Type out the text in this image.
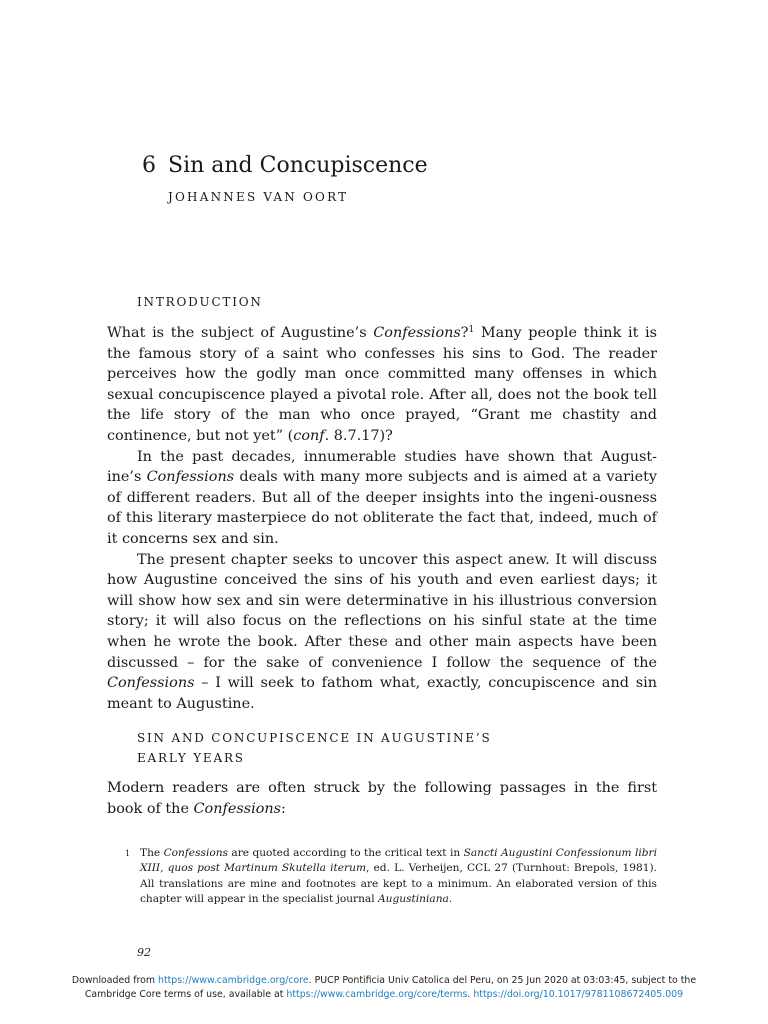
6 Sin and Concupiscence
JOHANNES VAN OORT
INTRODUCTION

What is the subject of Augustine’s Confessions?$^1$ Many people think it is the famous story of a saint who confesses his sins to God. The reader perceives how the godly man once committed many offenses in which sexual concupiscence played a pivotal role. After all, does not the book tell the life story of the man who once prayed, “Grant me chastity and continence, but not yet” (conf. 8.7.17)?

In the past decades, innumerable studies have shown that August-ine’s Confessions deals with many more subjects and is aimed at a variety of different readers. But all of the deeper insights into the ingeni-ousness of this literary masterpiece do not obliterate the fact that, indeed, much of it concerns sex and sin.

The present chapter seeks to uncover this aspect anew. It will discuss how Augustine conceived the sins of his youth and even earliest days; it will show how sex and sin were determinative in his illustrious conversion story; it will also focus on the reflections on his sinful state at the time when he wrote the book. After these and other main aspects have been discussed – for the sake of convenience I follow the sequence of the Confessions – I will seek to fathom what, exactly, concupiscence and sin meant to Augustine.

SIN AND CONCUPISCENCE IN AUGUSTINE’S
EARLY YEARS

Modern readers are often struck by the following passages in the first book of the Confessions:

1 The Confessions are quoted according to the critical text in Sancti Augustini Confessionum libri XIII, quos post Martinum Skutella iterum, ed. L. Verheijen, CCL 27 (Turnhout: Brepols, 1981). All translations are mine and footnotes are kept to a minimum. An elaborated version of this chapter will appear in the specialist journal Augustiniana.

92
Downloaded from https://www.cambridge.org/core. PUCP Pontificia Univ Catolica del Peru, on 25 Jun 2020 at 03:03:45, subject to the
Cambridge Core terms of use, available at https://www.cambridge.org/core/terms. https://doi.org/10.1017/9781108672405.009
